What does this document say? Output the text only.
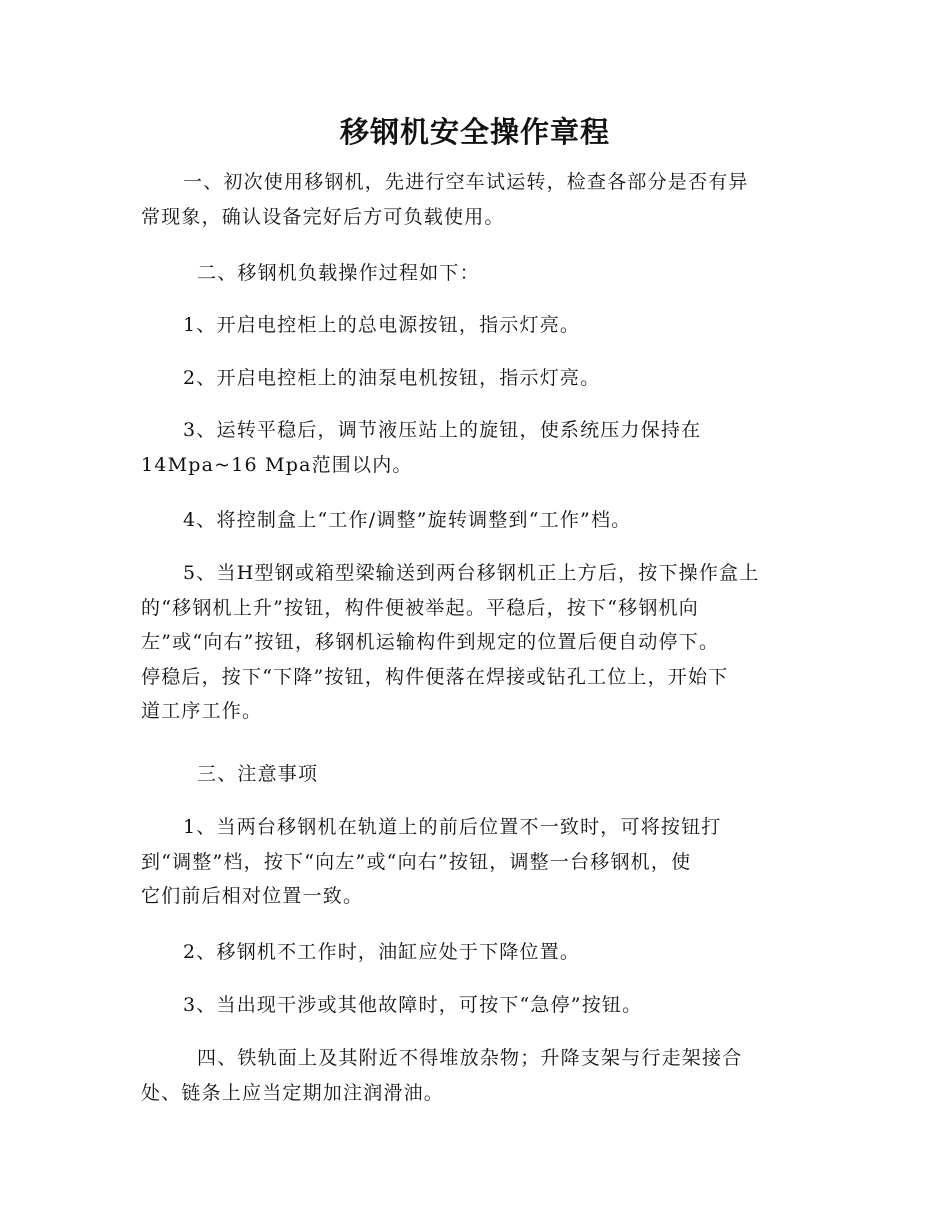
移钢机安全操作章程

一、初次使用移钢机，先进行空车试运转，检查各部分是否有异
常现象，确认设备完好后方可负载使用。

二、移钢机负载操作过程如下：

1、开启电控柜上的总电源按钮，指示灯亮。

2、开启电控柜上的油泵电机按钮，指示灯亮。

3、运转平稳后，调节液压站上的旋钮，使系统压力保持在
14Mpa~16 Mpa范围以内。

4、将控制盒上“工作/调整”旋转调整到“工作”档。

5、当H型钢或箱型梁输送到两台移钢机正上方后，按下操作盒上
的“移钢机上升”按钮，构件便被举起。平稳后，按下“移钢机向
左”或“向右”按钮，移钢机运输构件到规定的位置后便自动停下。
停稳后，按下“下降”按钮，构件便落在焊接或钻孔工位上，开始下
道工序工作。

三、注意事项

1、当两台移钢机在轨道上的前后位置不一致时，可将按钮打
到“调整”档，按下“向左”或“向右”按钮，调整一台移钢机，使
它们前后相对位置一致。

2、移钢机不工作时，油缸应处于下降位置。

3、当出现干涉或其他故障时，可按下“急停”按钮。

四、铁轨面上及其附近不得堆放杂物；升降支架与行走架接合
处、链条上应当定期加注润滑油。
